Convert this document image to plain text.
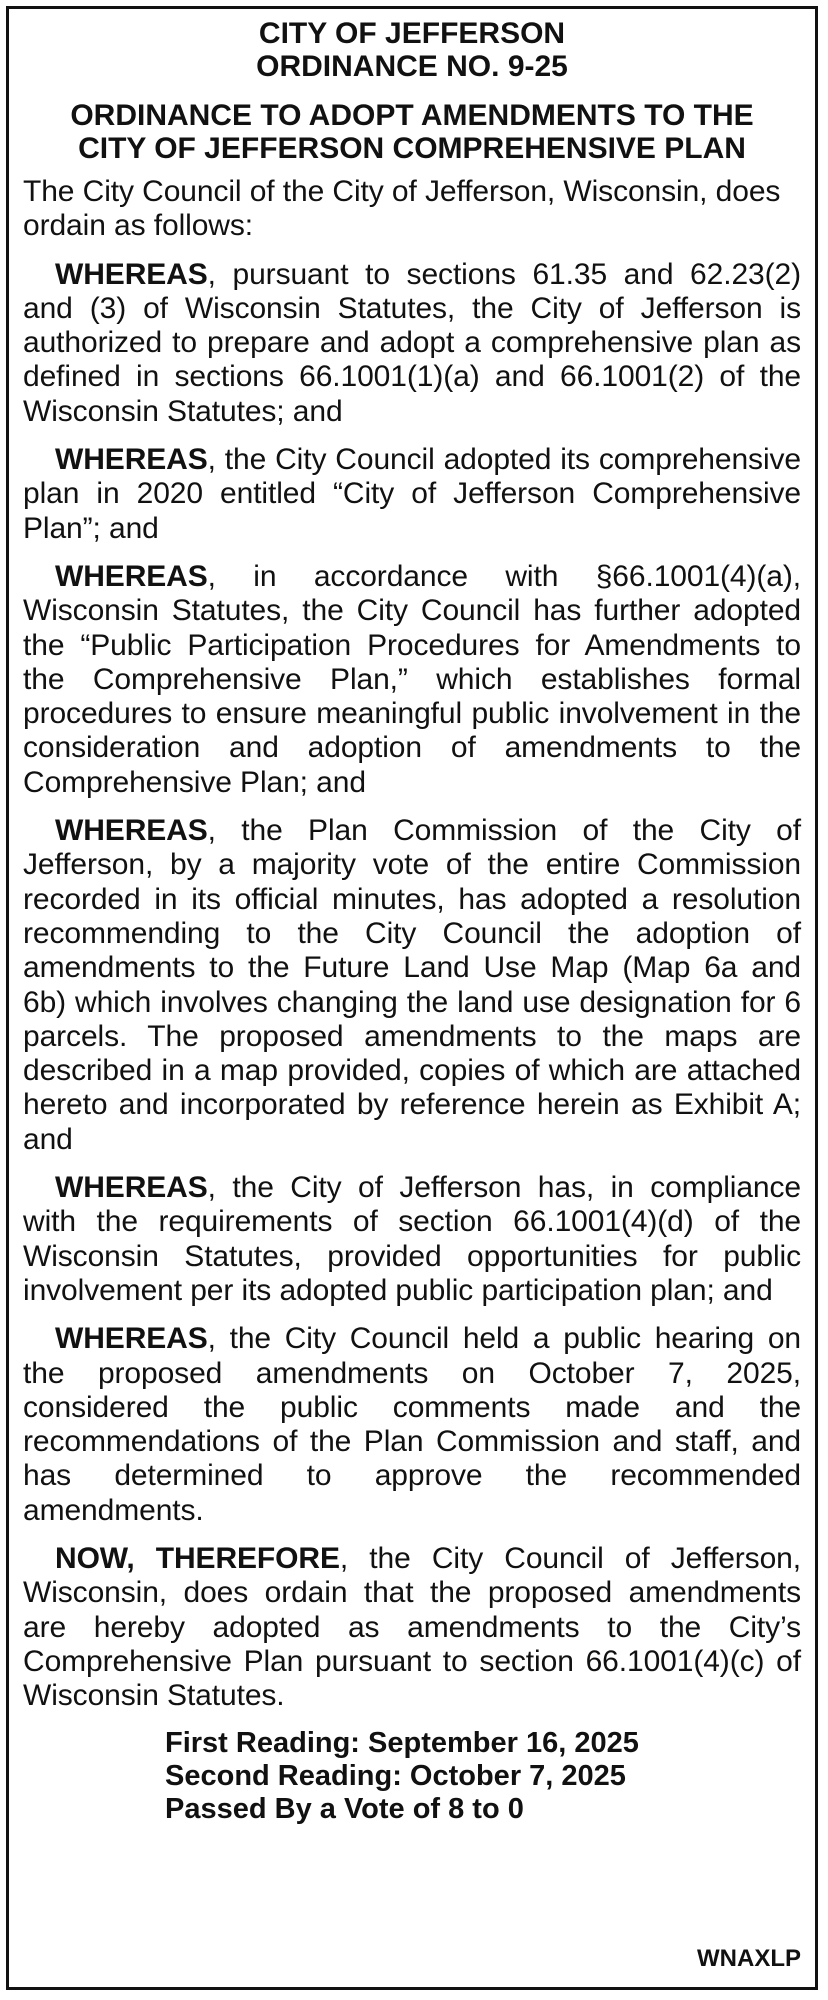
CITY OF JEFFERSON
ORDINANCE NO. 9-25
ORDINANCE TO ADOPT AMENDMENTS TO THE
CITY OF JEFFERSON COMPREHENSIVE PLAN

The City Council of the City of Jefferson, Wisconsin, does ordain as follows:

WHEREAS, pursuant to sections 61.35 and 62.23(2) and (3) of Wisconsin Statutes, the City of Jefferson is authorized to prepare and adopt a comprehensive plan as defined in sections 66.1001(1)(a) and 66.1001(2) of the Wisconsin Statutes; and

WHEREAS, the City Council adopted its comprehensive plan in 2020 entitled “City of Jefferson Comprehensive Plan”; and

WHEREAS, in accordance with §66.1001(4)(a), Wisconsin Statutes, the City Council has further adopted the “Public Participation Procedures for Amendments to the Comprehensive Plan,” which establishes formal procedures to ensure meaningful public involvement in the consideration and adoption of amendments to the Comprehensive Plan; and

WHEREAS, the Plan Commission of the City of Jefferson, by a majority vote of the entire Commission recorded in its official minutes, has adopted a resolution recommending to the City Council the adoption of amendments to the Future Land Use Map (Map 6a and 6b) which involves changing the land use designation for 6 parcels. The proposed amendments to the maps are described in a map provided, copies of which are attached hereto and incorporated by reference herein as Exhibit A; and

WHEREAS, the City of Jefferson has, in compliance with the requirements of section 66.1001(4)(d) of the Wisconsin Statutes, provided opportunities for public involvement per its adopted public participation plan; and

WHEREAS, the City Council held a public hearing on the proposed amendments on October 7, 2025, considered the public comments made and the recommendations of the Plan Commission and staff, and has determined to approve the recommended amendments.

NOW, THEREFORE, the City Council of Jefferson, Wisconsin, does ordain that the proposed amendments are hereby adopted as amendments to the City’s Comprehensive Plan pursuant to section 66.1001(4)(c) of Wisconsin Statutes.

First Reading: September 16, 2025
Second Reading: October 7, 2025
Passed By a Vote of 8 to 0
WNAXLP
